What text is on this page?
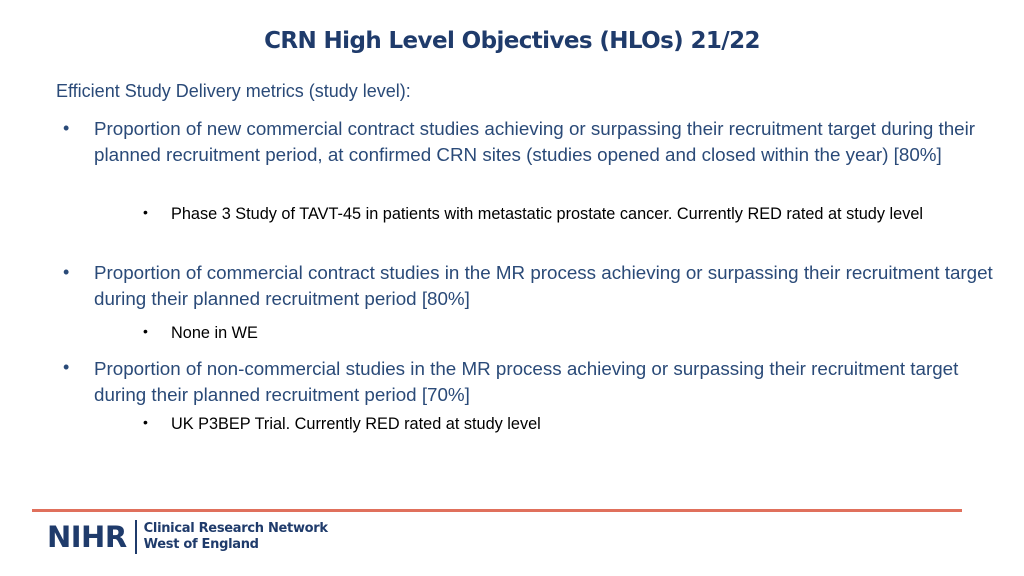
CRN High Level Objectives (HLOs) 21/22
Efficient Study Delivery metrics (study level):
• Proportion of new commercial contract studies achieving or surpassing their recruitment target during their planned recruitment period, at confirmed CRN sites (studies opened and closed within the year) [80%]
• Phase 3 Study of TAVT-45 in patients with metastatic prostate cancer. Currently RED rated at study level
• Proportion of commercial contract studies in the MR process achieving or surpassing their recruitment target during their planned recruitment period [80%]
• None in WE
• Proportion of non-commercial studies in the MR process achieving or surpassing their recruitment target during their planned recruitment period [70%]
• UK P3BEP Trial. Currently RED rated at study level
NIHR Clinical Research Network
West of England
